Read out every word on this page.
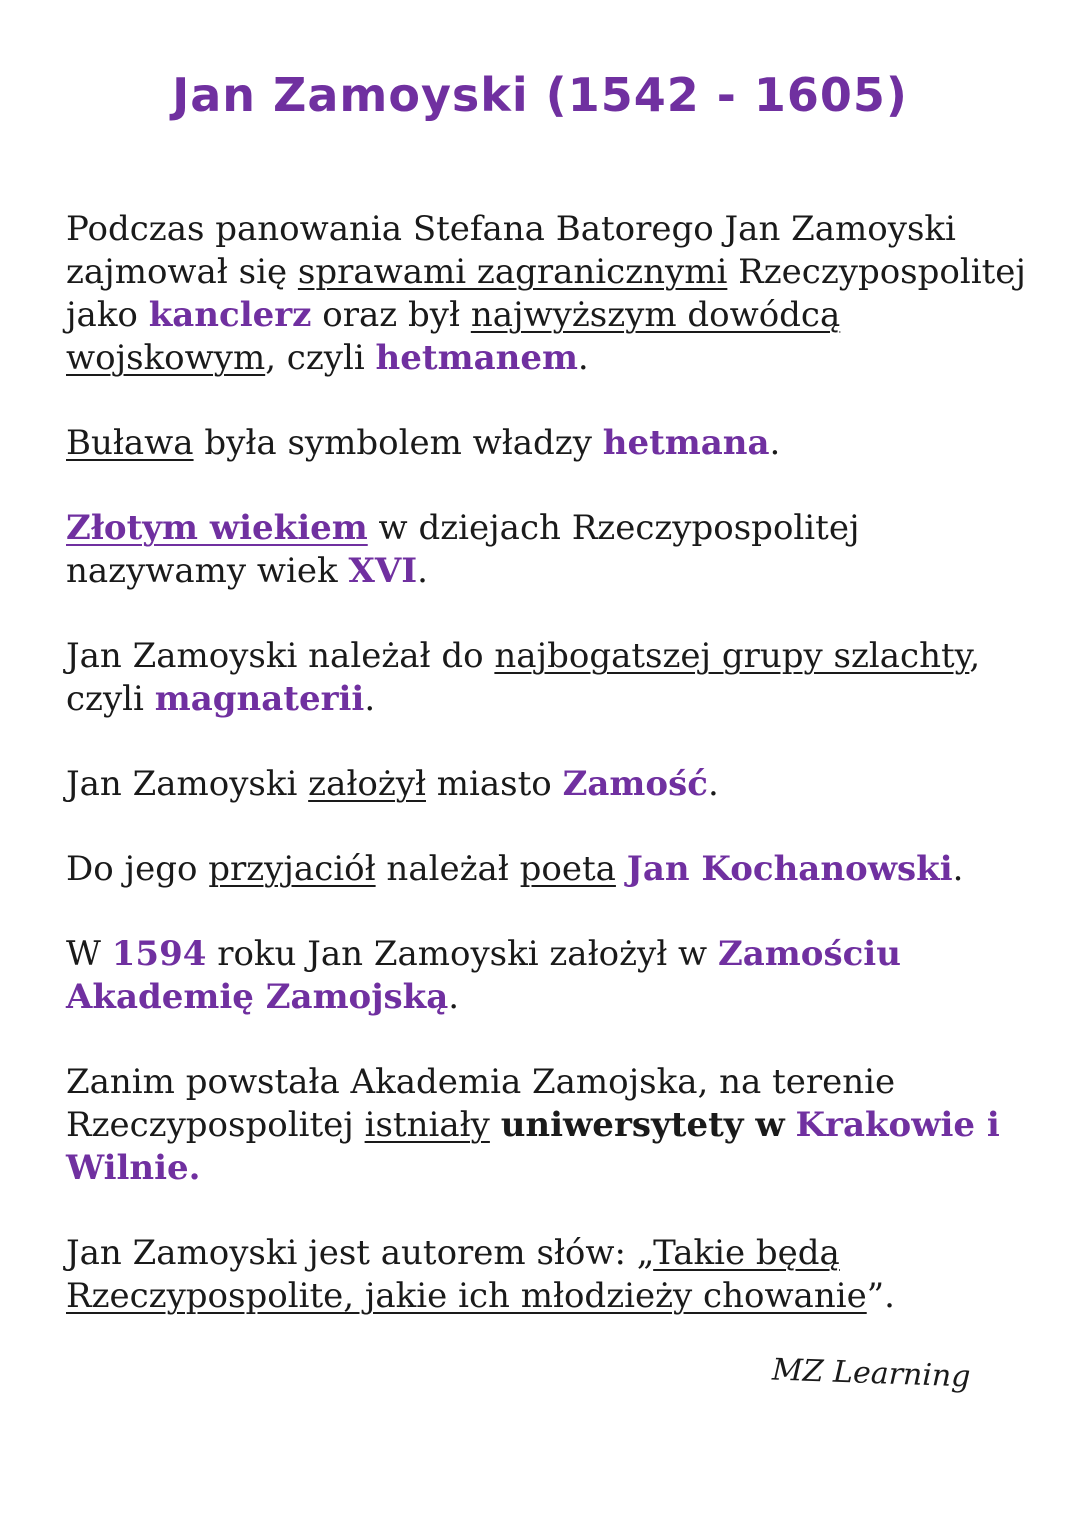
Jan Zamoyski (1542 - 1605)

Podczas panowania Stefana Batorego Jan Zamoyski zajmował się sprawami zagranicznymi Rzeczypospolitej jako kanclerz oraz był najwyższym dowódcą wojskowym, czyli hetmanem.

Buława była symbolem władzy hetmana.

Złotym wiekiem w dziejach Rzeczypospolitej nazywamy wiek XVI.

Jan Zamoyski należał do najbogatszej grupy szlachty, czyli magnaterii.

Jan Zamoyski założył miasto Zamość.

Do jego przyjaciół należał poeta Jan Kochanowski.

W 1594 roku Jan Zamoyski założył w Zamościu Akademię Zamojską.

Zanim powstała Akademia Zamojska, na terenie Rzeczypospolitej istniały uniwersytety w Krakowie i Wilnie.

Jan Zamoyski jest autorem słów: „Takie będą Rzeczypospolite, jakie ich młodzieży chowanie”.

MZ Learning
